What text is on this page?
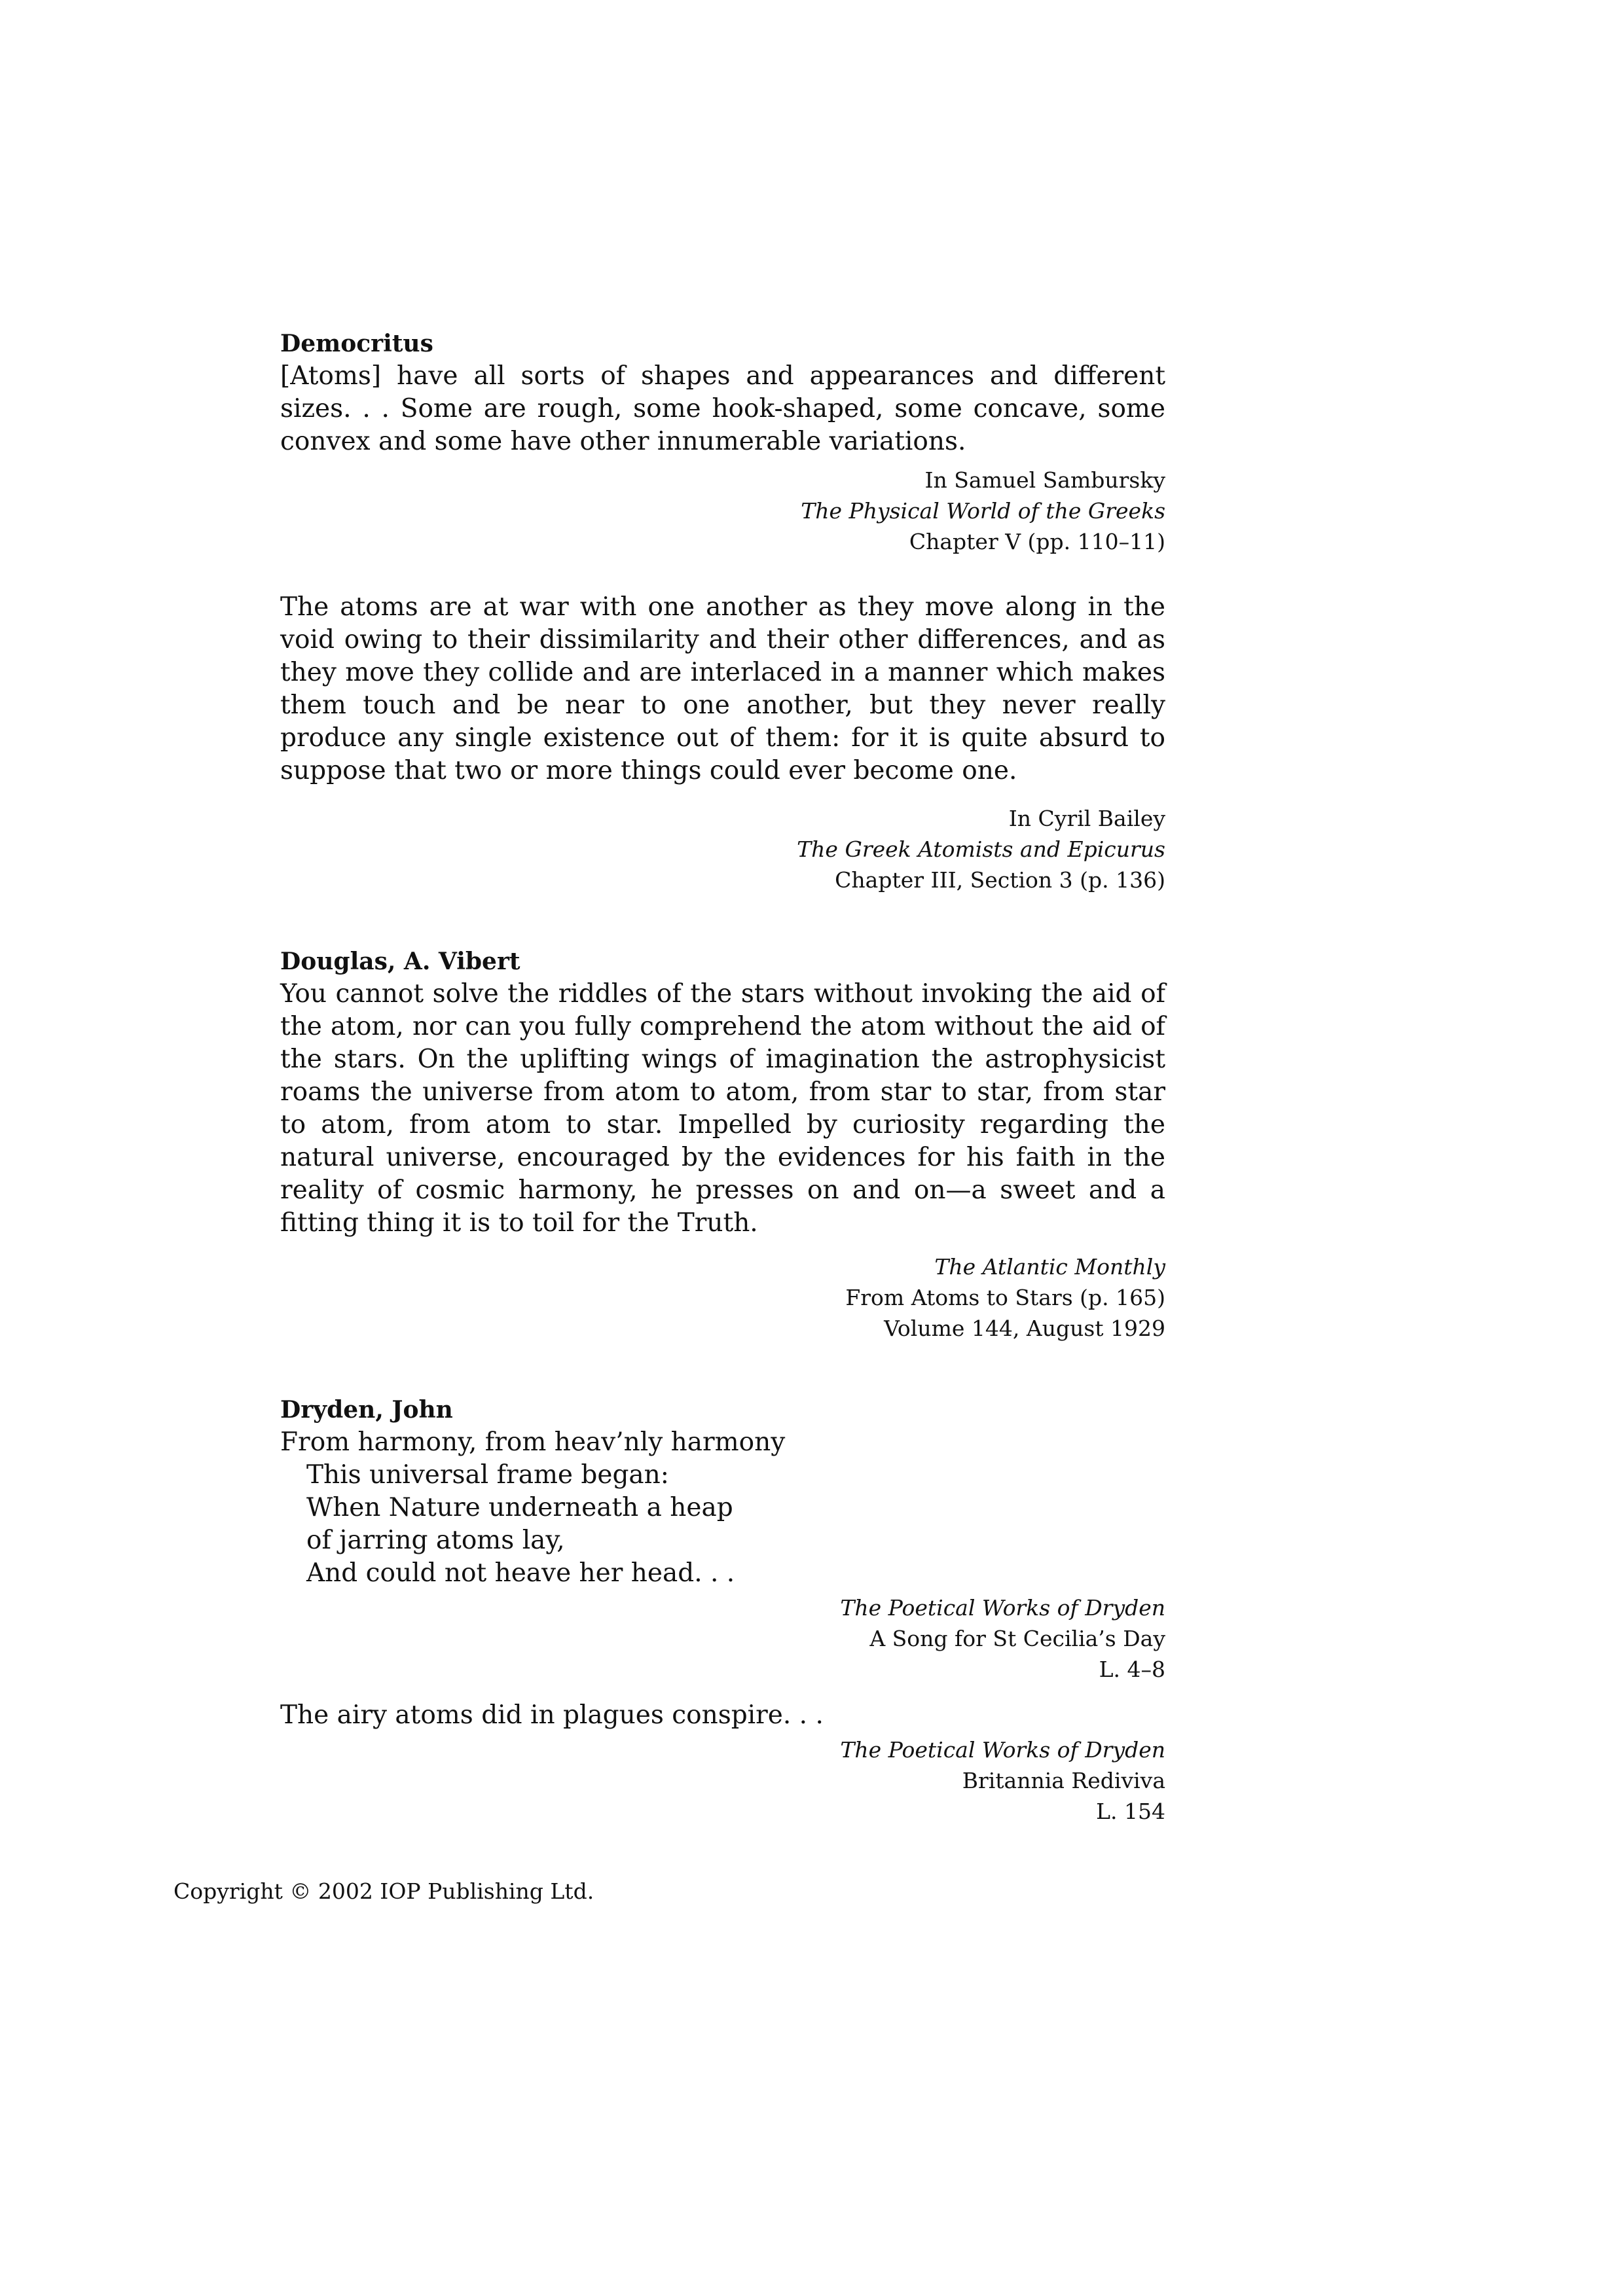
Democritus

[Atoms] have all sorts of shapes and appearances and different sizes. . . Some are rough, some hook-shaped, some concave, some convex and some have other innumerable variations.

In Samuel Sambursky
The Physical World of the Greeks
Chapter V (pp. 110–11)

The atoms are at war with one another as they move along in the void owing to their dissimilarity and their other differences, and as they move they collide and are interlaced in a manner which makes them touch and be near to one another, but they never really produce any single existence out of them: for it is quite absurd to suppose that two or more things could ever become one.

In Cyril Bailey
The Greek Atomists and Epicurus
Chapter III, Section 3 (p. 136)

Douglas, A. Vibert

You cannot solve the riddles of the stars without invoking the aid of the atom, nor can you fully comprehend the atom without the aid of the stars. On the uplifting wings of imagination the astrophysicist roams the universe from atom to atom, from star to star, from star to atom, from atom to star. Impelled by curiosity regarding the natural universe, encouraged by the evidences for his faith in the reality of cosmic harmony, he presses on and on—a sweet and a fitting thing it is to toil for the Truth.

The Atlantic Monthly
From Atoms to Stars (p. 165)
Volume 144, August 1929

Dryden, John

From harmony, from heav’nly harmony
This universal frame began:
When Nature underneath a heap
of jarring atoms lay,
And could not heave her head. . .
The Poetical Works of Dryden
A Song for St Cecilia’s Day
L. 4–8

The airy atoms did in plagues conspire. . .

The Poetical Works of Dryden
Britannia Rediviva
L. 154
Copyright © 2002 IOP Publishing Ltd.
